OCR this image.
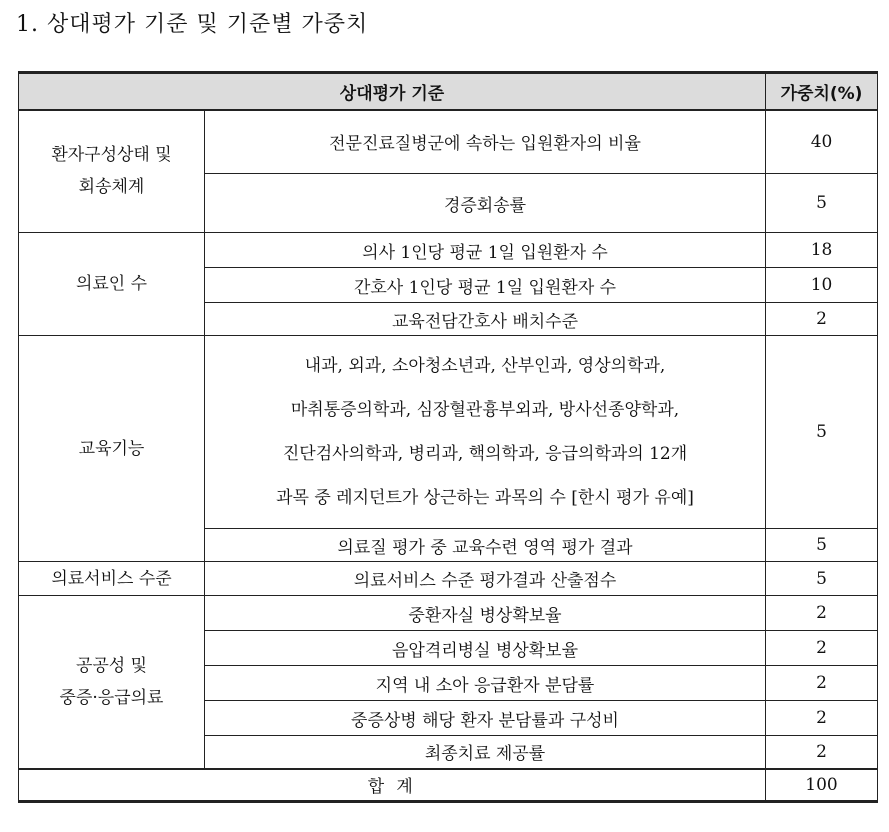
1. 상대평가 기준 및 기준별 가중치
상대평가 기준		가중치(%)

환자구성상태 및
회송체계	전문진료질병군에 속하는 입원환자의 비율	40
	경증회송률	5

의료인 수	의사 1인당 평균 1일 입원환자 수	18
	간호사 1인당 평균 1일 입원환자 수	10
	교육전담간호사 배치수준	2

교육기능	내과, 외과, 소아청소년과, 산부인과, 영상의학과,
마취통증의학과, 심장혈관흉부외과, 방사선종양학과,
진단검사의학과, 병리과, 핵의학과, 응급의학과의 12개
과목 중 레지던트가 상근하는 과목의 수 [한시 평가 유예]	5
	의료질 평가 중 교육수련 영역 평가 결과	5

의료서비스 수준	의료서비스 수준 평가결과 산출점수	5

공공성 및
중증·응급의료	중환자실 병상확보율	2
	음압격리병실 병상확보율	2
	지역 내 소아 응급환자 분담률	2
	중증상병 해당 환자 분담률과 구성비	2
	최종치료 제공률	2
합 계		100
